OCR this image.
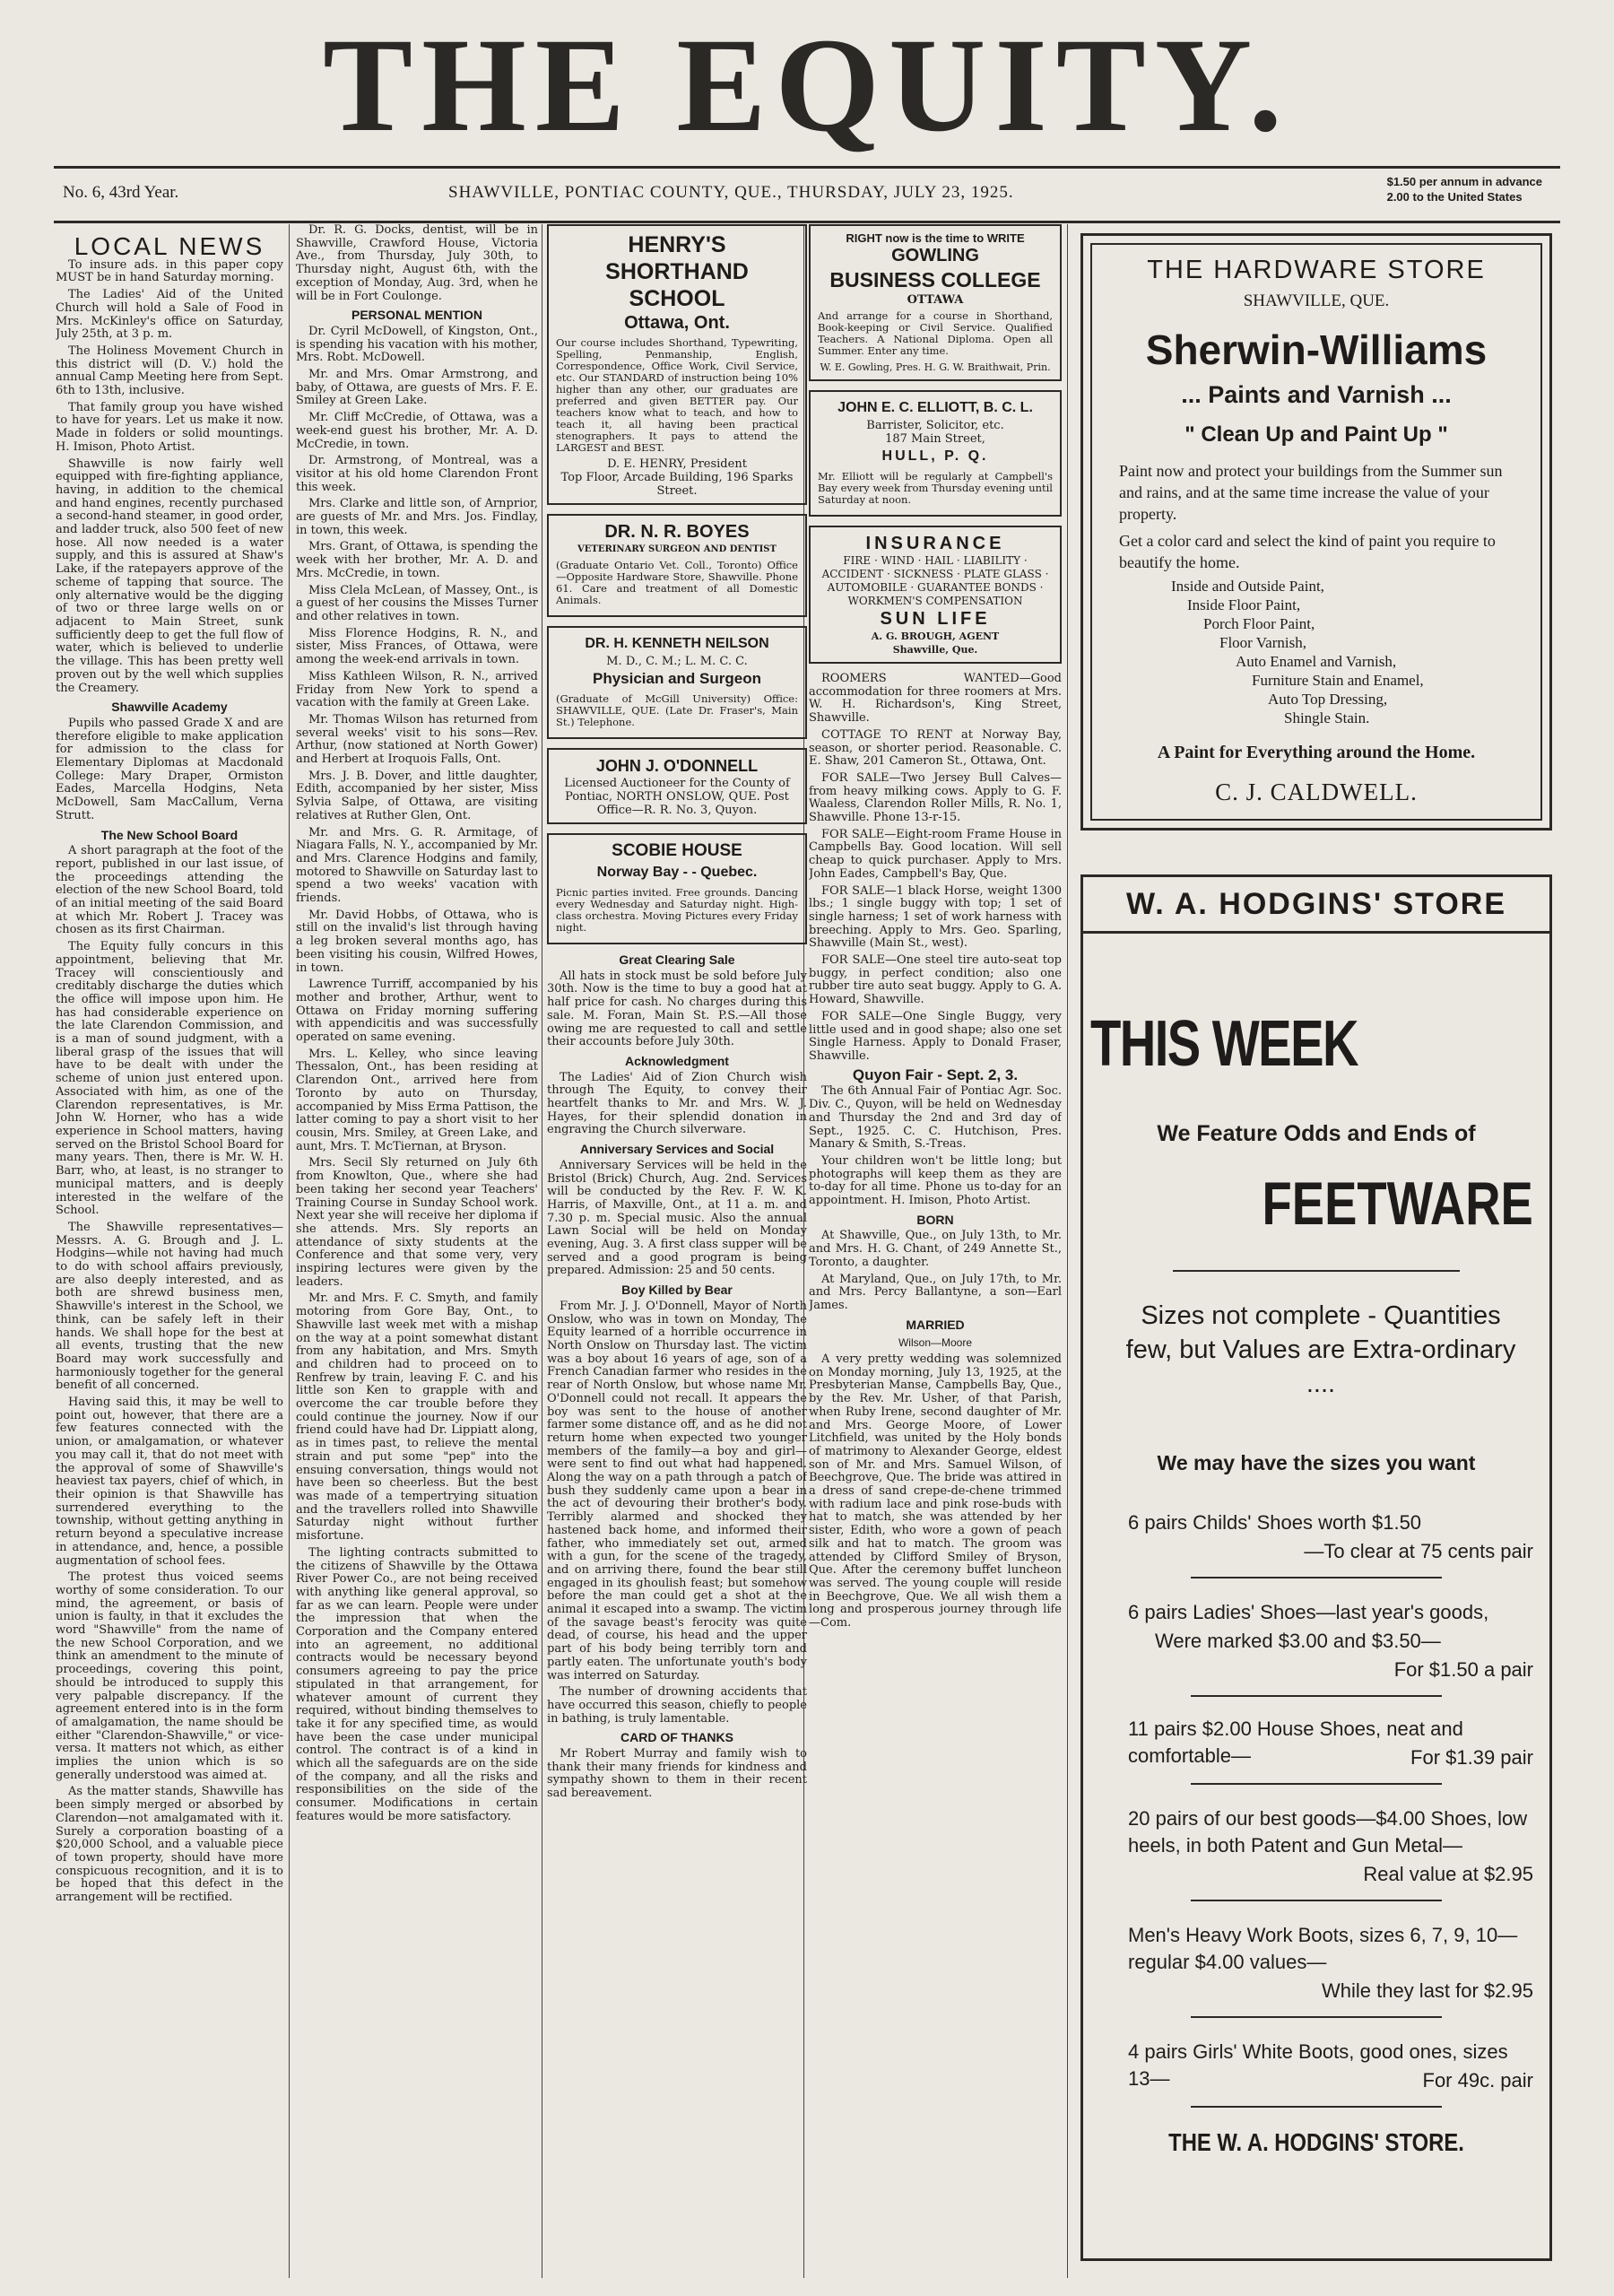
THE EQUITY.
No. 6, 43rd Year.	SHAWVILLE, PONTIAC COUNTY, QUE., THURSDAY, JULY 23, 1925.
$1.50 per annum in advance
2.00 to the United States
LOCAL NEWS

To insure ads. in this paper copy MUST be in hand Saturday morning.

The Ladies' Aid of the United Church will hold a Sale of Food in Mrs. McKinley's office on Saturday, July 25th, at 3 p. m.

The Holiness Movement Church in this district will (D. V.) hold the annual Camp Meeting here from Sept. 6th to 13th, inclusive.

That family group you have wished to have for years. Let us make it now. Made in folders or solid mountings. H. Imison, Photo Artist.

Shawville is now fairly well equipped with fire-fighting appliance, having, in addition to the chemical and hand engines, recently purchased a second-hand steamer, in good order, and ladder truck, also 500 feet of new hose. All now needed is a water supply, and this is assured at Shaw's Lake, if the ratepayers approve of the scheme of tapping that source. The only alternative would be the digging of two or three large wells on or adjacent to Main Street, sunk sufficiently deep to get the full flow of water, which is believed to underlie the village. This has been pretty well proven out by the well which supplies the Creamery.

Shawville Academy

Pupils who passed Grade X and are therefore eligible to make application for admission to the class for Elementary Diplomas at Macdonald College: Mary Draper, Ormiston Eades, Marcella Hodgins, Neta McDowell, Sam MacCallum, Verna Strutt.

The New School Board

A short paragraph at the foot of the report, published in our last issue, of the proceedings attending the election of the new School Board, told of an initial meeting of the said Board at which Mr. Robert J. Tracey was chosen as its first Chairman.

The Equity fully concurs in this appointment, believing that Mr. Tracey will conscientiously and creditably discharge the duties which the office will impose upon him. He has had considerable experience on the late Clarendon Commission, and is a man of sound judgment, with a liberal grasp of the issues that will have to be dealt with under the scheme of union just entered upon. Associated with him, as one of the Clarendon representatives, is Mr. John W. Horner, who has a wide experience in School matters, having served on the Bristol School Board for many years. Then, there is Mr. W. H. Barr, who, at least, is no stranger to municipal matters, and is deeply interested in the welfare of the School.

The Shawville representatives—Messrs. A. G. Brough and J. L. Hodgins—while not having had much to do with school affairs previously, are also deeply interested, and as both are shrewd business men, Shawville's interest in the School, we think, can be safely left in their hands. We shall hope for the best at all events, trusting that the new Board may work successfully and harmoniously together for the general benefit of all concerned.

Having said this, it may be well to point out, however, that there are a few features connected with the union, or amalgamation, or whatever you may call it, that do not meet with the approval of some of Shawville's heaviest tax payers, chief of which, in their opinion is that Shawville has surrendered everything to the township, without getting anything in return beyond a speculative increase in attendance, and, hence, a possible augmentation of school fees.

The protest thus voiced seems worthy of some consideration. To our mind, the agreement, or basis of union is faulty, in that it excludes the word "Shawville" from the name of the new School Corporation, and we think an amendment to the minute of proceedings, covering this point, should be introduced to supply this very palpable discrepancy. If the agreement entered into is in the form of amalgamation, the name should be either "Clarendon-Shawville," or vice-versa. It matters not which, as either implies the union which is so generally understood was aimed at.

As the matter stands, Shawville has been simply merged or absorbed by Clarendon—not amalgamated with it. Surely a corporation boasting of a $20,000 School, and a valuable piece of town property, should have more conspicuous recognition, and it is to be hoped that this defect in the arrangement will be rectified.

Dr. R. G. Docks, dentist, will be in Shawville, Crawford House, Victoria Ave., from Thursday, July 30th, to Thursday night, August 6th, with the exception of Monday, Aug. 3rd, when he will be in Fort Coulonge.

PERSONAL MENTION

Dr. Cyril McDowell, of Kingston, Ont., is spending his vacation with his mother, Mrs. Robt. McDowell.

Mr. and Mrs. Omar Armstrong, and baby, of Ottawa, are guests of Mrs. F. E. Smiley at Green Lake.

Mr. Cliff McCredie, of Ottawa, was a week-end guest his brother, Mr. A. D. McCredie, in town.

Dr. Armstrong, of Montreal, was a visitor at his old home Clarendon Front this week.

Mrs. Clarke and little son, of Arnprior, are guests of Mr. and Mrs. Jos. Findlay, in town, this week.

Mrs. Grant, of Ottawa, is spending the week with her brother, Mr. A. D. and Mrs. McCredie, in town.

Miss Clela McLean, of Massey, Ont., is a guest of her cousins the Misses Turner and other relatives in town.

Miss Florence Hodgins, R. N., and sister, Miss Frances, of Ottawa, were among the week-end arrivals in town.

Miss Kathleen Wilson, R. N., arrived Friday from New York to spend a vacation with the family at Green Lake.

Mr. Thomas Wilson has returned from several weeks' visit to his sons—Rev. Arthur, (now stationed at North Gower) and Herbert at Iroquois Falls, Ont.

Mrs. J. B. Dover, and little daughter, Edith, accompanied by her sister, Miss Sylvia Salpe, of Ottawa, are visiting relatives at Ruther Glen, Ont.

Mr. and Mrs. G. R. Armitage, of Niagara Falls, N. Y., accompanied by Mr. and Mrs. Clarence Hodgins and family, motored to Shawville on Saturday last to spend a two weeks' vacation with friends.

Mr. David Hobbs, of Ottawa, who is still on the invalid's list through having a leg broken several months ago, has been visiting his cousin, Wilfred Howes, in town.

Lawrence Turriff, accompanied by his mother and brother, Arthur, went to Ottawa on Friday morning suffering with appendicitis and was successfully operated on same evening.

Mrs. L. Kelley, who since leaving Thessalon, Ont., has been residing at Clarendon Ont., arrived here from Toronto by auto on Thursday, accompanied by Miss Erma Pattison, the latter coming to pay a short visit to her cousin, Mrs. Smiley, at Green Lake, and aunt, Mrs. T. McTiernan, at Bryson.

Mrs. Secil Sly returned on July 6th from Knowlton, Que., where she had been taking her second year Teachers' Training Course in Sunday School work. Next year she will receive her diploma if she attends. Mrs. Sly reports an attendance of sixty students at the Conference and that some very, very inspiring lectures were given by the leaders.

Mr. and Mrs. F. C. Smyth, and family motoring from Gore Bay, Ont., to Shawville last week met with a mishap on the way at a point somewhat distant from any habitation, and Mrs. Smyth and children had to proceed on to Renfrew by train, leaving F. C. and his little son Ken to grapple with and overcome the car trouble before they could continue the journey. Now if our friend could have had Dr. Lippiatt along, as in times past, to relieve the mental strain and put some "pep" into the ensuing conversation, things would not have been so cheerless. But the best was made of a tempertrying situation and the travellers rolled into Shawville Saturday night without further misfortune.

The lighting contracts submitted to the citizens of Shawville by the Ottawa River Power Co., are not being received with anything like general approval, so far as we can learn. People were under the impression that when the Corporation and the Company entered into an agreement, no additional contracts would be necessary beyond consumers agreeing to pay the price stipulated in that arrangement, for whatever amount of current they required, without binding themselves to take it for any specified time, as would have been the case under municipal control. The contract is of a kind in which all the safeguards are on the side of the company, and all the risks and responsibilities on the side of the consumer. Modifications in certain features would be more satisfactory.

HENRY'S
SHORTHAND SCHOOL
Ottawa, Ont.
Our course includes Shorthand, Typewriting, Spelling, Penmanship, English, Correspondence, Office Work, Civil Service, etc. Our STANDARD of instruction being 10% higher than any other, our graduates are preferred and given BETTER pay. Our teachers know what to teach, and how to teach it, all having been practical stenographers. It pays to attend the LARGEST and BEST.
D. E. HENRY, President
Top Floor, Arcade Building, 196 Sparks Street.
DR. N. R. BOYES
VETERINARY SURGEON AND DENTIST
(Graduate Ontario Vet. Coll., Toronto) Office—Opposite Hardware Store, Shawville. Phone 61. Care and treatment of all Domestic Animals.
DR. H. KENNETH NEILSON
M. D., C. M.; L. M. C. C.
Physician and Surgeon
(Graduate of McGill University) Office: SHAWVILLE, QUE. (Late Dr. Fraser's, Main St.) Telephone.
JOHN J. O'DONNELL
Licensed Auctioneer for the County of Pontiac, NORTH ONSLOW, QUE. Post Office—R. R. No. 3, Quyon.
SCOBIE HOUSE
Norway Bay - - Quebec.
Picnic parties invited. Free grounds. Dancing every Wednesday and Saturday night. High-class orchestra. Moving Pictures every Friday night.
Great Clearing Sale

All hats in stock must be sold before July 30th. Now is the time to buy a good hat at half price for cash. No charges during this sale. M. Foran, Main St. P.S.—All those owing me are requested to call and settle their accounts before July 30th.

Acknowledgment

The Ladies' Aid of Zion Church wish through The Equity, to convey their heartfelt thanks to Mr. and Mrs. W. J. Hayes, for their splendid donation in engraving the Church silverware.

Anniversary Services and Social

Anniversary Services will be held in the Bristol (Brick) Church, Aug. 2nd. Services will be conducted by the Rev. F. W. K. Harris, of Maxville, Ont., at 11 a. m. and 7.30 p. m. Special music. Also the annual Lawn Social will be held on Monday evening, Aug. 3. A first class supper will be served and a good program is being prepared. Admission: 25 and 50 cents.

Boy Killed by Bear

From Mr. J. J. O'Donnell, Mayor of North Onslow, who was in town on Monday, The Equity learned of a horrible occurrence in North Onslow on Thursday last. The victim was a boy about 16 years of age, son of a French Canadian farmer who resides in the rear of North Onslow, but whose name Mr. O'Donnell could not recall. It appears the boy was sent to the house of another farmer some distance off, and as he did not return home when expected two younger members of the family—a boy and girl—were sent to find out what had happened. Along the way on a path through a patch of bush they suddenly came upon a bear in the act of devouring their brother's body. Terribly alarmed and shocked they hastened back home, and informed their father, who immediately set out, armed with a gun, for the scene of the tragedy, and on arriving there, found the bear still engaged in its ghoulish feast; but somehow before the man could get a shot at the animal it escaped into a swamp. The victim of the savage beast's ferocity was quite dead, of course, his head and the upper part of his body being terribly torn and partly eaten. The unfortunate youth's body was interred on Saturday.

The number of drowning accidents that have occurred this season, chiefly to people in bathing, is truly lamentable.

CARD OF THANKS

Mr Robert Murray and family wish to thank their many friends for kindness and sympathy shown to them in their recent sad bereavement.

RIGHT now is the time to WRITE
GOWLING
BUSINESS COLLEGE
OTTAWA
And arrange for a course in Shorthand, Book-keeping or Civil Service. Qualified Teachers. A National Diploma. Open all Summer. Enter any time.
W. E. Gowling, Pres. H. G. W. Braithwait, Prin.
JOHN E. C. ELLIOTT, B. C. L.
Barrister, Solicitor, etc.
187 Main Street,
HULL, P. Q.
Mr. Elliott will be regularly at Campbell's Bay every week from Thursday evening until Saturday at noon.
INSURANCE
FIRE · WIND · HAIL · LIABILITY · ACCIDENT · SICKNESS · PLATE GLASS · AUTOMOBILE · GUARANTEE BONDS · WORKMEN'S COMPENSATION
SUN LIFE
A. G. BROUGH, AGENT
Shawville, Que.

ROOMERS WANTED—Good accommodation for three roomers at Mrs. W. H. Richardson's, King Street, Shawville.

COTTAGE TO RENT at Norway Bay, season, or shorter period. Reasonable. C. E. Shaw, 201 Cameron St., Ottawa, Ont.

FOR SALE—Two Jersey Bull Calves—from heavy milking cows. Apply to G. F. Waaless, Clarendon Roller Mills, R. No. 1, Shawville. Phone 13-r-15.

FOR SALE—Eight-room Frame House in Campbells Bay. Good location. Will sell cheap to quick purchaser. Apply to Mrs. John Eades, Campbell's Bay, Que.

FOR SALE—1 black Horse, weight 1300 lbs.; 1 single buggy with top; 1 set of single harness; 1 set of work harness with breeching. Apply to Mrs. Geo. Sparling, Shawville (Main St., west).

FOR SALE—One steel tire auto-seat top buggy, in perfect condition; also one rubber tire auto seat buggy. Apply to G. A. Howard, Shawville.

FOR SALE—One Single Buggy, very little used and in good shape; also one set Single Harness. Apply to Donald Fraser, Shawville.

Quyon Fair - Sept. 2, 3.

The 6th Annual Fair of Pontiac Agr. Soc. Div. C., Quyon, will be held on Wednesday and Thursday the 2nd and 3rd day of Sept., 1925. C. C. Hutchison, Pres. Manary & Smith, S.-Treas.

Your children won't be little long; but photographs will keep them as they are to-day for all time. Phone us to-day for an appointment. H. Imison, Photo Artist.

BORN

At Shawville, Que., on July 13th, to Mr. and Mrs. H. G. Chant, of 249 Annette St., Toronto, a daughter.

At Maryland, Que., on July 17th, to Mr. and Mrs. Percy Ballantyne, a son—Earl James.

MARRIED
Wilson—Moore

A very pretty wedding was solemnized on Monday morning, July 13, 1925, at the Presbyterian Manse, Campbells Bay, Que., by the Rev. Mr. Usher, of that Parish, when Ruby Irene, second daughter of Mr. and Mrs. George Moore, of Lower Litchfield, was united by the Holy bonds of matrimony to Alexander George, eldest son of Mr. and Mrs. Samuel Wilson, of Beechgrove, Que. The bride was attired in a dress of sand crepe-de-chene trimmed with radium lace and pink rose-buds with hat to match, she was attended by her sister, Edith, who wore a gown of peach silk and hat to match. The groom was attended by Clifford Smiley of Bryson, Que. After the ceremony buffet luncheon was served. The young couple will reside in Beechgrove, Que. We all wish them a long and prosperous journey through life—Com.

THE HARDWARE STORE
SHAWVILLE, QUE.
Sherwin-Williams
... Paints and Varnish ...
" Clean Up and Paint Up "
Paint now and protect your buildings from the Summer sun and rains, and at the same time increase the value of your property.
Get a color card and select the kind of paint you require to beautify the home.
Inside and Outside Paint,
Inside Floor Paint,
Porch Floor Paint,
Floor Varnish,
Auto Enamel and Varnish,
Furniture Stain and Enamel,
Auto Top Dressing,
Shingle Stain.
A Paint for Everything around the Home.
C. J. CALDWELL.
W. A. HODGINS' STORE
THIS WEEK
We Feature Odds and Ends of
FEETWARE
Sizes not complete - Quantities few, but Values are Extra-ordinary ....
We may have the sizes you want
6 pairs Childs' Shoes worth $1.50
—To clear at 75 cents pair
6 pairs Ladies' Shoes—last year's goods,
Were marked $3.00 and $3.50—
For $1.50 a pair
11 pairs $2.00 House Shoes, neat and comfortable—	For $1.39 pair
20 pairs of our best goods—$4.00 Shoes, low heels, in both Patent and Gun Metal—
Real value at $2.95
Men's Heavy Work Boots, sizes 6, 7, 9, 10—regular $4.00 values—
While they last for $2.95
4 pairs Girls' White Boots, good ones, sizes 13—	For 49c. pair
THE W. A. HODGINS' STORE.
